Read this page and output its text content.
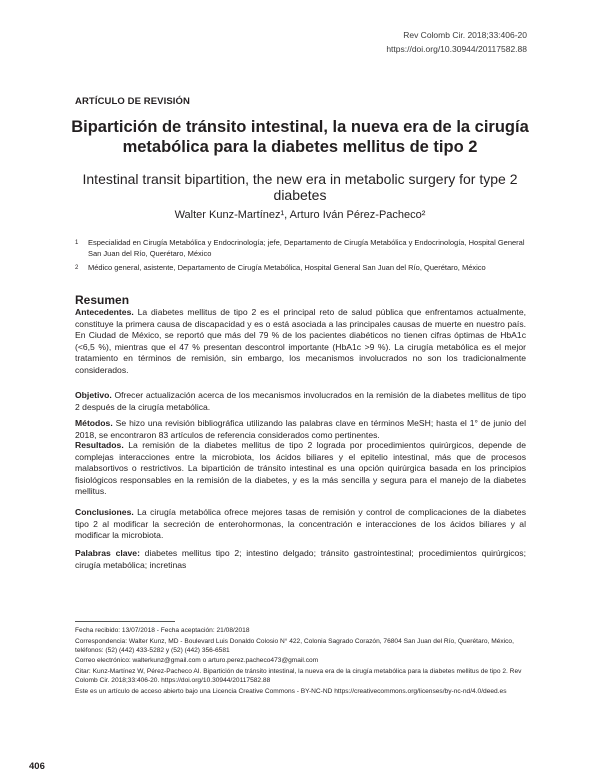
Rev Colomb Cir. 2018;33:406-20
https://doi.org/10.30944/20117582.88
ARTÍCULO DE REVISIÓN
Bipartición de tránsito intestinal, la nueva era de la cirugía metabólica para la diabetes mellitus de tipo 2
Intestinal transit bipartition, the new era in metabolic surgery for type 2 diabetes
Walter Kunz-Martínez¹, Arturo Iván Pérez-Pacheco²
1	Especialidad en Cirugía Metabólica y Endocrinología; jefe, Departamento de Cirugía Metabólica y Endocrinología, Hospital General San Juan del Río, Querétaro, México
2	Médico general, asistente, Departamento de Cirugía Metabólica, Hospital General San Juan del Río, Querétaro, México
Resumen
Antecedentes. La diabetes mellitus de tipo 2 es el principal reto de salud pública que enfrentamos actualmente, constituye la primera causa de discapacidad y es o está asociada a las principales causas de muerte en nuestro país. En Ciudad de México, se reportó que más del 79 % de los pacientes diabéticos no tienen cifras óptimas de HbA1c (<6,5 %), mientras que el 47 % presentan descontrol importante (HbA1c >9 %). La cirugía metabólica es el mejor tratamiento en términos de remisión, sin embargo, los mecanismos involucrados no son los tradicionalmente considerados.
Objetivo. Ofrecer actualización acerca de los mecanismos involucrados en la remisión de la diabetes mellitus de tipo 2 después de la cirugía metabólica.
Métodos. Se hizo una revisión bibliográfica utilizando las palabras clave en términos MeSH; hasta el 1° de junio del 2018, se encontraron 83 artículos de referencia considerados como pertinentes.
Resultados. La remisión de la diabetes mellitus de tipo 2 lograda por procedimientos quirúrgicos, depende de complejas interacciones entre la microbiota, los ácidos biliares y el epitelio intestinal, más que de procesos malabsortivos o restrictivos. La bipartición de tránsito intestinal es una opción quirúrgica basada en los principios fisiológicos responsables en la remisión de la diabetes, y es la más sencilla y segura para el manejo de la diabetes mellitus.
Conclusiones. La cirugía metabólica ofrece mejores tasas de remisión y control de complicaciones de la diabetes tipo 2 al modificar la secreción de enterohormonas, la concentración e interacciones de los ácidos biliares y al modificar la microbiota.
Palabras clave: diabetes mellitus tipo 2; intestino delgado; tránsito gastrointestinal; procedimientos quirúrgicos; cirugía metabólica; incretinas
Fecha recibido: 13/07/2018 - Fecha aceptación: 21/08/2018
Correspondencia: Walter Kunz, MD - Boulevard Luis Donaldo Colosio N° 422, Colonia Sagrado Corazón, 76804 San Juan del Río, Querétaro, México, teléfonos: (52) (442) 433-5282 y (52) (442) 356-6581
Correo electrónico: walterkunz@gmail.com o arturo.perez.pacheco473@gmail.com
Citar: Kunz-Martínez W, Pérez-Pacheco AI. Bipartición de tránsito intestinal, la nueva era de la cirugía metabólica para la diabetes mellitus de tipo 2. Rev Colomb Cir. 2018;33:406-20. https://doi.org/10.30944/20117582.88
Este es un artículo de acceso abierto bajo una Licencia Creative Commons - BY-NC-ND https://creativecommons.org/licenses/by-nc-nd/4.0/deed.es
406
